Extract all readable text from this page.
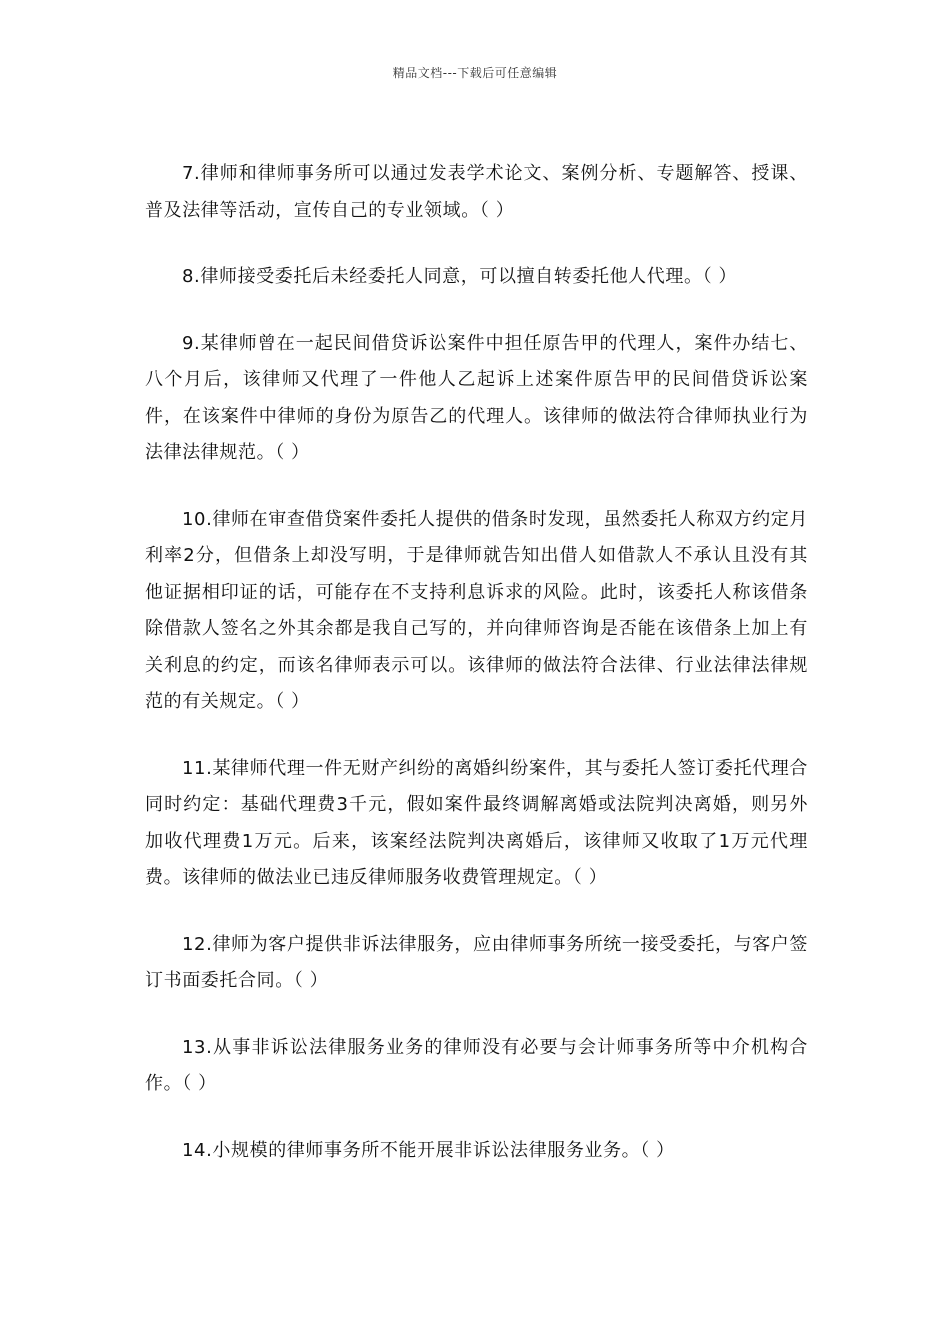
精品文档---下载后可任意编辑

7.律师和律师事务所可以通过发表学术论文、案例分析、专题解答、授课、普及法律等活动，宣传自己的专业领域。（ ）

8.律师接受委托后未经委托人同意，可以擅自转委托他人代理。（ ）

9.某律师曾在一起民间借贷诉讼案件中担任原告甲的代理人，案件办结七、八个月后，该律师又代理了一件他人乙起诉上述案件原告甲的民间借贷诉讼案件，在该案件中律师的身份为原告乙的代理人。该律师的做法符合律师执业行为法律法律规范。（ ）

10.律师在审查借贷案件委托人提供的借条时发现，虽然委托人称双方约定月利率2分，但借条上却没写明，于是律师就告知出借人如借款人不承认且没有其他证据相印证的话，可能存在不支持利息诉求的风险。此时，该委托人称该借条除借款人签名之外其余都是我自己写的，并向律师咨询是否能在该借条上加上有关利息的约定，而该名律师表示可以。该律师的做法符合法律、行业法律法律规范的有关规定。（ ）

11.某律师代理一件无财产纠纷的离婚纠纷案件，其与委托人签订委托代理合同时约定：基础代理费3千元，假如案件最终调解离婚或法院判决离婚，则另外加收代理费1万元。后来，该案经法院判决离婚后，该律师又收取了1万元代理费。该律师的做法业已违反律师服务收费管理规定。（ ）

12.律师为客户提供非诉法律服务，应由律师事务所统一接受委托，与客户签订书面委托合同。（ ）

13.从事非诉讼法律服务业务的律师没有必要与会计师事务所等中介机构合作。（ ）

14.小规模的律师事务所不能开展非诉讼法律服务业务。（ ）
